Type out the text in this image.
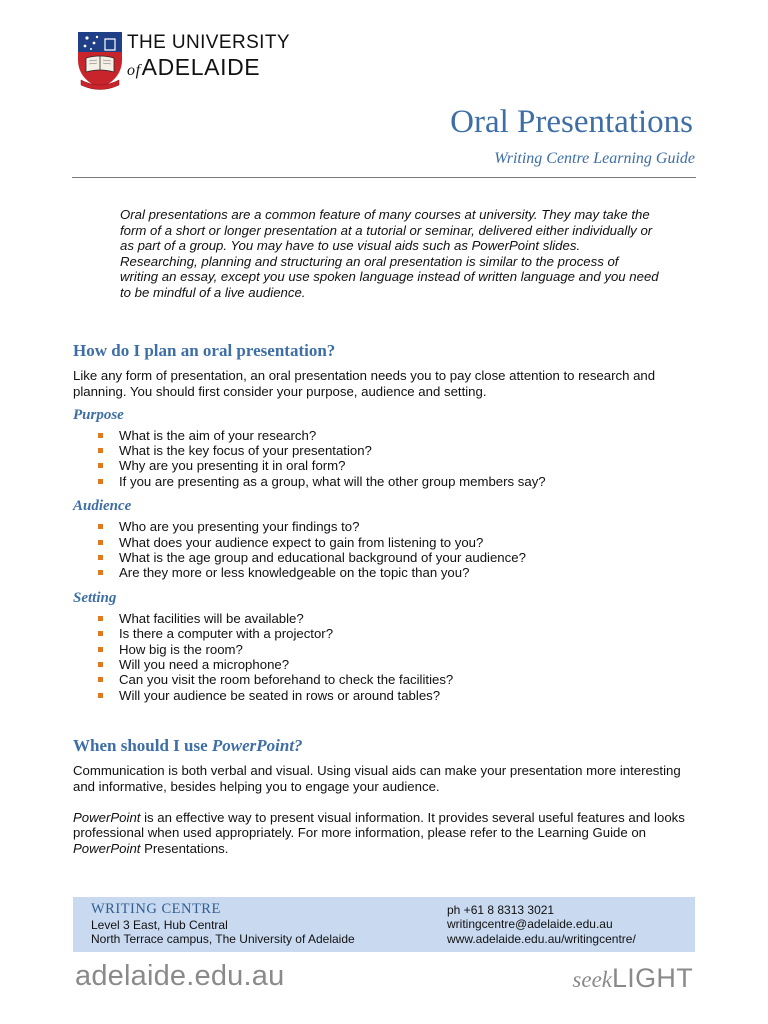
THE UNIVERSITY
ofADELAIDE
Oral Presentations
Writing Centre Learning Guide
Oral presentations are a common feature of many courses at university. They may take the form of a short or longer presentation at a tutorial or seminar, delivered either individually or as part of a group. You may have to use visual aids such as PowerPoint slides. Researching, planning and structuring an oral presentation is similar to the process of writing an essay, except you use spoken language instead of written language and you need to be mindful of a live audience.
How do I plan an oral presentation?

Like any form of presentation, an oral presentation needs you to pay close attention to research and planning. You should first consider your purpose, audience and setting.

Purpose
What is the aim of your research?
What is the key focus of your presentation?
Why are you presenting it in oral form?
If you are presenting as a group, what will the other group members say?
Audience
Who are you presenting your findings to?
What does your audience expect to gain from listening to you?
What is the age group and educational background of your audience?
Are they more or less knowledgeable on the topic than you?
Setting
What facilities will be available?
Is there a computer with a projector?
How big is the room?
Will you need a microphone?
Can you visit the room beforehand to check the facilities?
Will your audience be seated in rows or around tables?
When should I use PowerPoint?

Communication is both verbal and visual. Using visual aids can make your presentation more interesting and informative, besides helping you to engage your audience.

PowerPoint is an effective way to present visual information. It provides several useful features and looks professional when used appropriately. For more information, please refer to the Learning Guide on PowerPoint Presentations.

WRITING CENTRE

Level 3 East, Hub Central

North Terrace campus, The University of Adelaide

ph +61 8 8313 3021

writingcentre@adelaide.edu.au

www.adelaide.edu.au/writingcentre/

adelaide.edu.au	seekLIGHT
